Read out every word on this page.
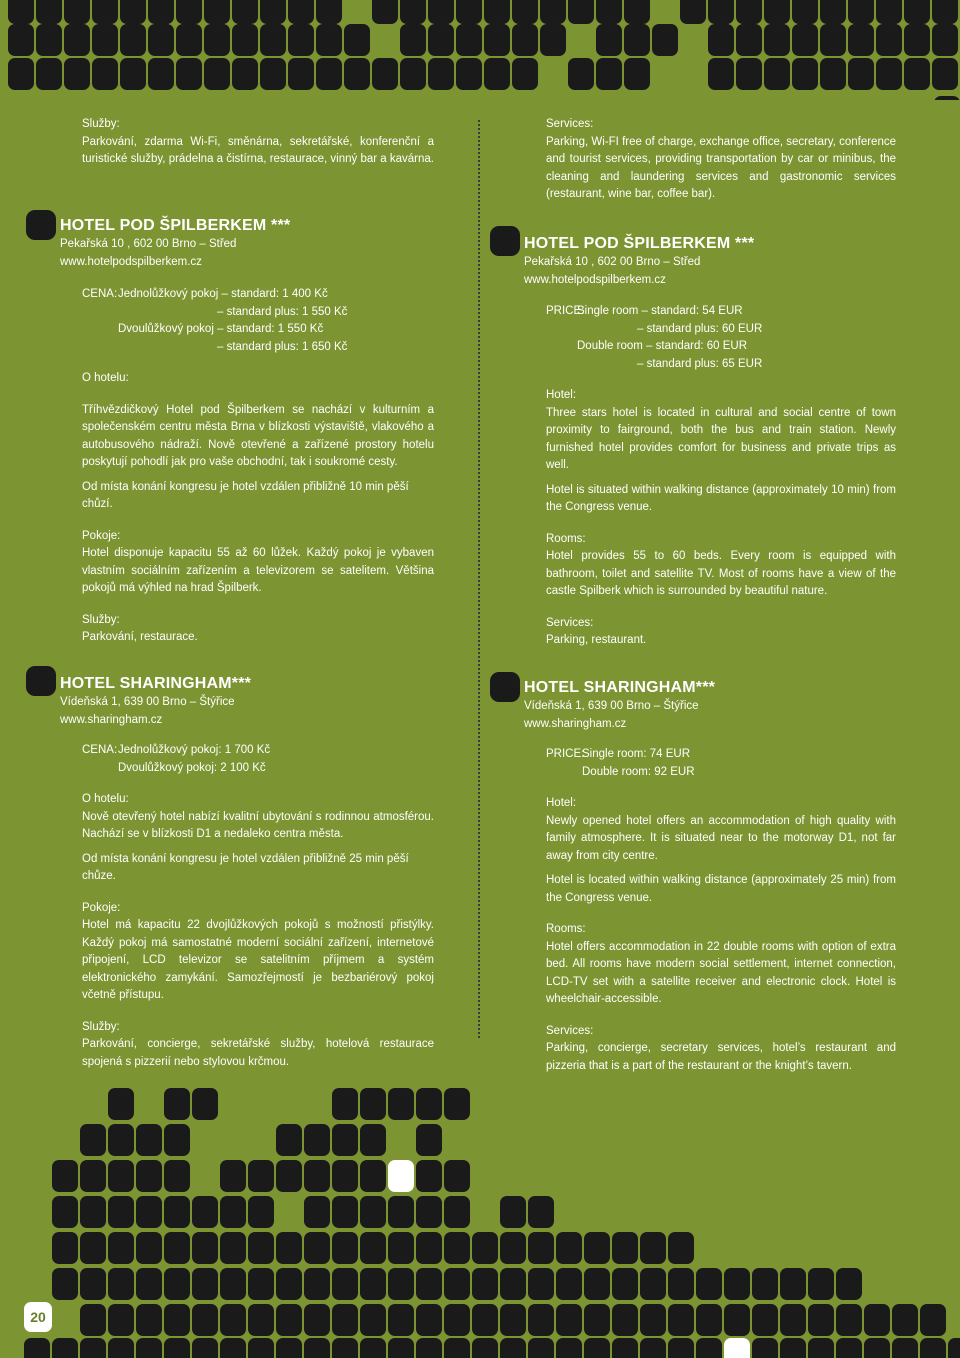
Služby:

Parkování, zdarma Wi-Fi, směnárna, sekretářské, konferenční a turistické služby, prádelna a čistírna, restaurace, vinný bar a kavárna.

Services:

Parking, Wi-FI free of charge, exchange office, secretary, conference and tourist services, providing transportation by car or minibus, the cleaning and laundering services and gastronomic services (restaurant, wine bar, coffee bar).

HOTEL POD ŠPILBERKEM ***

Pekařská 10 , 602 00 Brno – Střed

www.hotelpodspilberkem.cz

CENA: Jednolůžkový pokoj – standard: 1 400 Kč

– standard plus: 1 550 Kč

Dvoulůžkový pokoj – standard: 1 550 Kč

– standard plus: 1 650 Kč

O hotelu:

Tříhvězdičkový Hotel pod Špilberkem se nachází v kulturním a společenském centru města Brna v blízkosti výstaviště, vlakového a autobusového nádraží. Nově otevřené a zařízené prostory hotelu poskytují pohodlí jak pro vaše obchodní, tak i soukromé cesty.

Od místa konání kongresu je hotel vzdálen přibližně 10 min pěší chůzí.

Pokoje:

Hotel disponuje kapacitu 55 až 60 lůžek. Každý pokoj je vybaven vlastním sociálním zařízením a televizorem se satelitem. Většina pokojů má výhled na hrad Špilberk.

Služby:

Parkování, restaurace.

HOTEL POD ŠPILBERKEM ***

Pekařská 10 , 602 00 Brno – Střed

www.hotelpodspilberkem.cz

PRICE:

Single room – standard: 54 EUR

– standard plus: 60 EUR

Double room – standard: 60 EUR

– standard plus: 65 EUR

Hotel:

Three stars hotel is located in cultural and social centre of town proximity to fairground, both the bus and train station. Newly furnished hotel provides comfort for business and private trips as well.

Hotel is situated within walking distance (approximately 10 min) from the Congress venue.

Rooms:

Hotel provides 55 to 60 beds. Every room is equipped with bathroom, toilet and satellite TV. Most of rooms have a view of the castle Spilberk which is surrounded by beautiful nature.

Services:

Parking, restaurant.

HOTEL SHARINGHAM***

Vídeňská 1, 639 00 Brno – Štýřice

www.sharingham.cz

CENA: Jednolůžkový pokoj: 1 700 Kč

Dvoulůžkový pokoj: 2 100 Kč

O hotelu:

Nově otevřený hotel nabízí kvalitní ubytování s rodinnou atmosférou. Nachází se v blízkosti D1 a nedaleko centra města.

Od místa konání kongresu je hotel vzdálen přibližně 25 min pěší chůze.

Pokoje:

Hotel má kapacitu 22 dvojlůžkových pokojů s možností přistýlky. Každý pokoj má samostatné moderní sociální zařízení, internetové připojení, LCD televizor se satelitním příjmem a systém elektronického zamykání. Samozřejmostí je bezbariérový pokoj včetně přístupu.

Služby:

Parkování, concierge, sekretářské služby, hotelová restaurace spojená s pizzerií nebo stylovou krčmou.

HOTEL SHARINGHAM***

Vídeňská 1, 639 00 Brno – Štýřice

www.sharingham.cz

PRICE:

Single room: 74 EUR

Double room: 92 EUR

Hotel:

Newly opened hotel offers an accommodation of high quality with family atmosphere. It is situated near to the motorway D1, not far away from city centre.

Hotel is located within walking distance (approximately 25 min) from the Congress venue.

Rooms:

Hotel offers accommodation in 22 double rooms with option of extra bed. All rooms have modern social settlement, internet connection, LCD-TV set with a satellite receiver and electronic clock. Hotel is wheelchair-accessible.

Services:

Parking, concierge, secretary services, hotel’s restaurant and pizzeria that is a part of the restaurant or the knight’s tavern.

20
